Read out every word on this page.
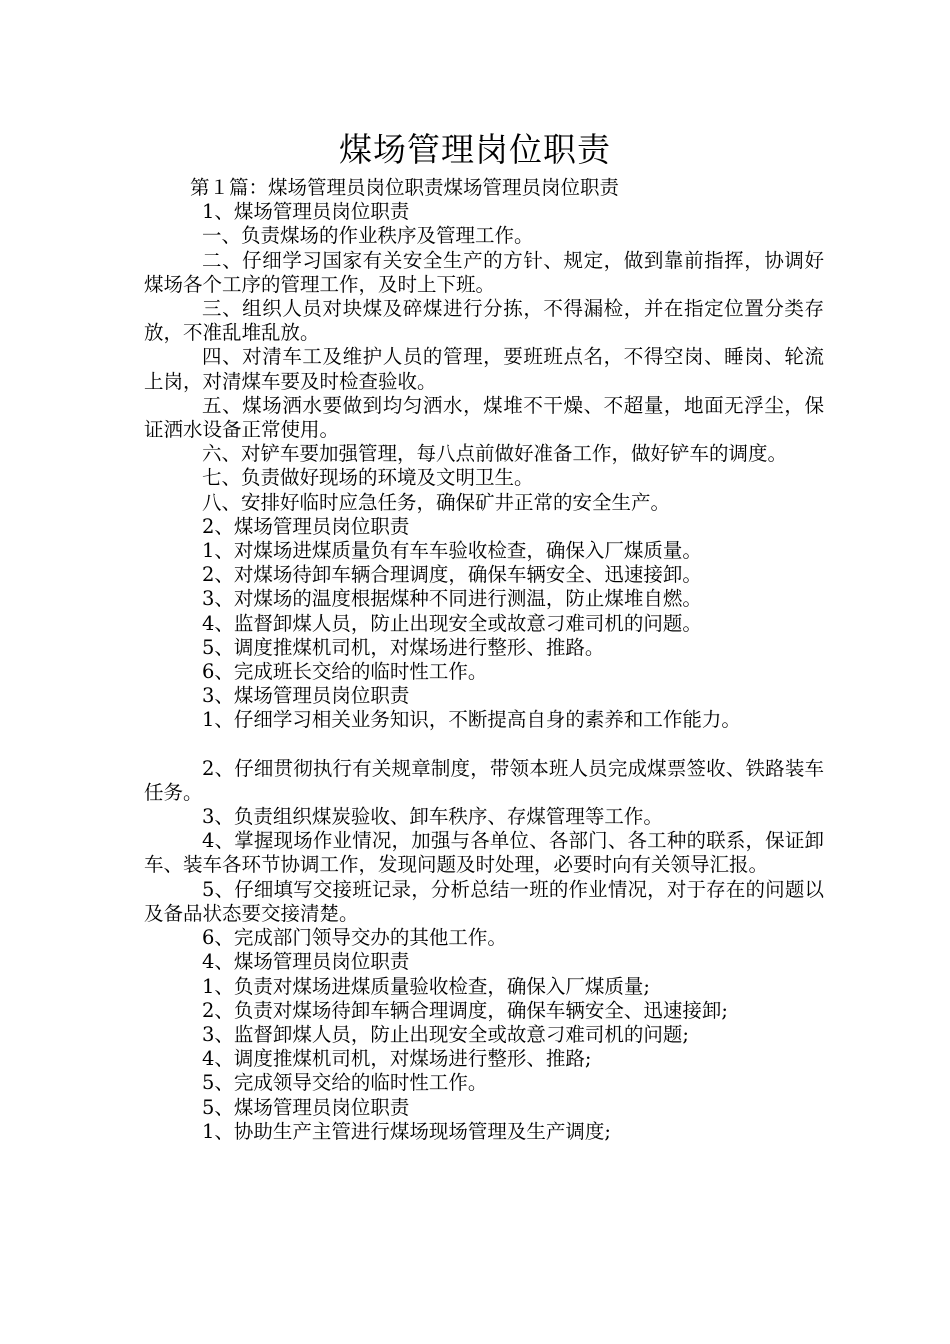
煤场管理岗位职责

第１篇：煤场管理员岗位职责煤场管理员岗位职责

1、煤场管理员岗位职责

一、负责煤场的作业秩序及管理工作。

二、仔细学习国家有关安全生产的方针、规定，做到靠前指挥，协调好煤场各个工序的管理工作，及时上下班。

三、组织人员对块煤及碎煤进行分拣，不得漏检，并在指定位置分类存放，不准乱堆乱放。

四、对清车工及维护人员的管理，要班班点名，不得空岗、睡岗、轮流上岗，对清煤车要及时检查验收。

五、煤场洒水要做到均匀洒水，煤堆不干燥、不超量，地面无浮尘，保证洒水设备正常使用。

六、对铲车要加强管理，每八点前做好准备工作，做好铲车的调度。

七、负责做好现场的环境及文明卫生。

八、安排好临时应急任务，确保矿井正常的安全生产。

2、煤场管理员岗位职责

1、对煤场进煤质量负有车车验收检查，确保入厂煤质量。

2、对煤场待卸车辆合理调度，确保车辆安全、迅速接卸。

3、对煤场的温度根据煤种不同进行测温，防止煤堆自燃。

4、监督卸煤人员，防止出现安全或故意刁难司机的问题。

5、调度推煤机司机，对煤场进行整形、推路。

6、完成班长交给的临时性工作。

3、煤场管理员岗位职责

1、仔细学习相关业务知识，不断提高自身的素养和工作能力。

2、仔细贯彻执行有关规章制度，带领本班人员完成煤票签收、铁路装车任务。

3、负责组织煤炭验收、卸车秩序、存煤管理等工作。

4、掌握现场作业情况，加强与各单位、各部门、各工种的联系，保证卸车、装车各环节协调工作，发现问题及时处理，必要时向有关领导汇报。

5、仔细填写交接班记录，分析总结一班的作业情况，对于存在的问题以及备品状态要交接清楚。

6、完成部门领导交办的其他工作。

4、煤场管理员岗位职责

1、负责对煤场进煤质量验收检查，确保入厂煤质量;

2、负责对煤场待卸车辆合理调度，确保车辆安全、迅速接卸;

3、监督卸煤人员，防止出现安全或故意刁难司机的问题;

4、调度推煤机司机，对煤场进行整形、推路;

5、完成领导交给的临时性工作。

5、煤场管理员岗位职责

1、协助生产主管进行煤场现场管理及生产调度;
